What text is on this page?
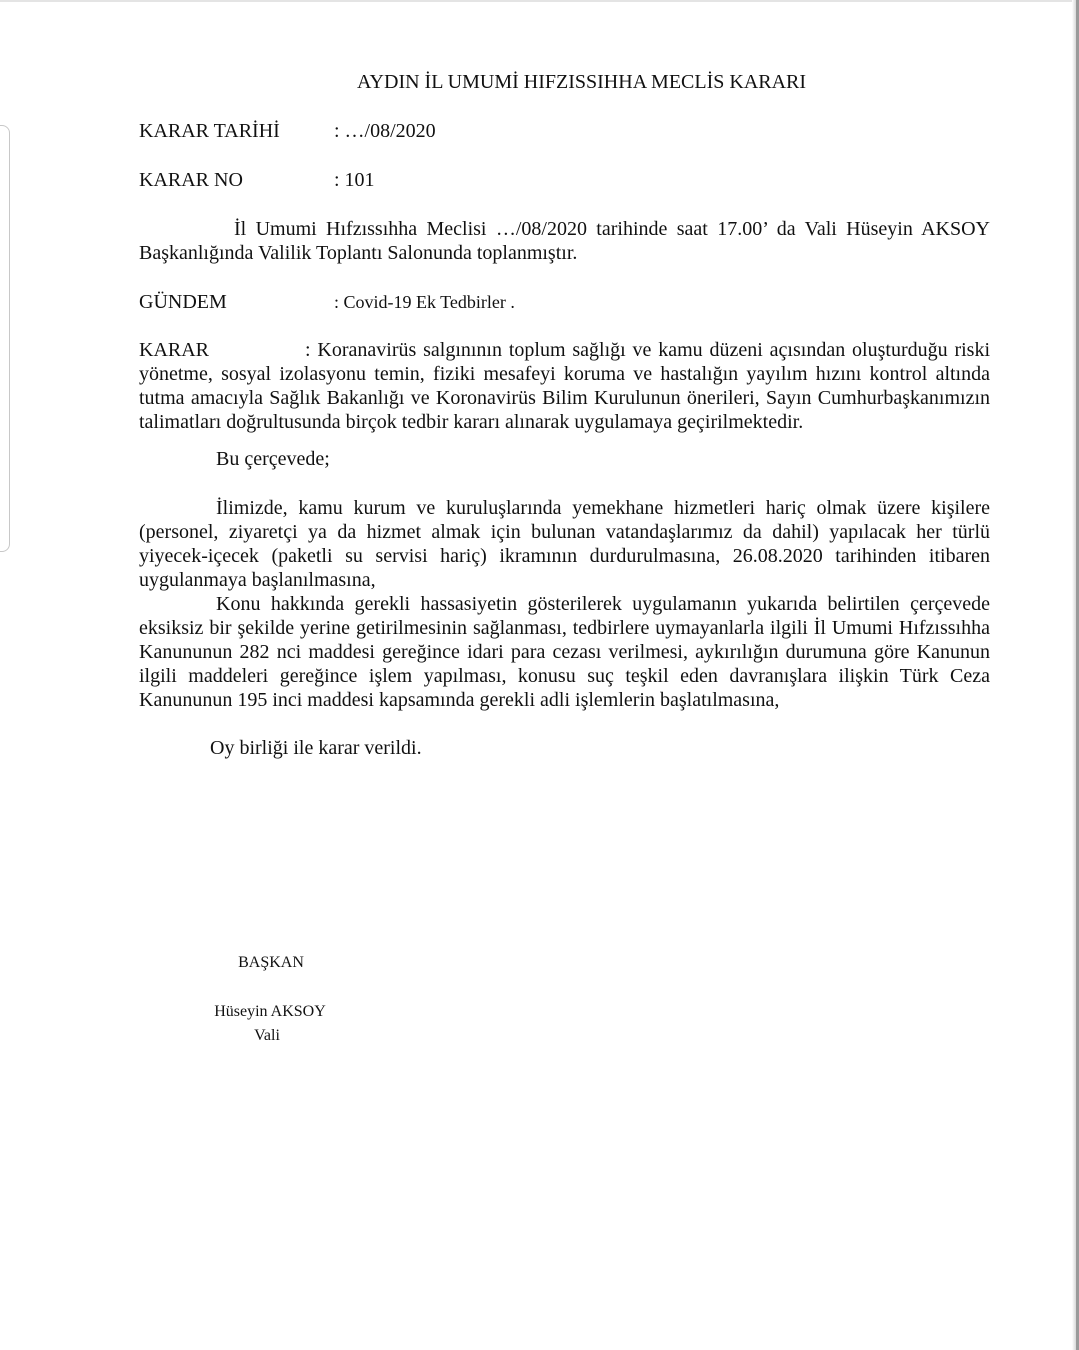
AYDIN İL UMUMİ HIFZISSIHHA MECLİS KARARI
KARAR TARİHİ	: …/08/2020
KARAR NO	: 101

İl Umumi Hıfzıssıhha Meclisi …/08/2020 tarihinde saat 17.00’ da Vali Hüseyin AKSOY Başkanlığında Valilik Toplantı Salonunda toplanmıştır.

GÜNDEM	: Covid-19 Ek Tedbirler .

KARAR	: Koranavirüs salgınının toplum sağlığı ve kamu düzeni açısından oluşturduğu riski yönetme, sosyal izolasyonu temin, fiziki mesafeyi koruma ve hastalığın yayılım hızını kontrol altında tutma amacıyla Sağlık Bakanlığı ve Koronavirüs Bilim Kurulunun önerileri, Sayın Cumhurbaşkanımızın talimatları doğrultusunda birçok tedbir kararı alınarak uygulamaya geçirilmektedir.

Bu çerçevede;

İlimizde, kamu kurum ve kuruluşlarında yemekhane hizmetleri hariç olmak üzere kişilere (personel, ziyaretçi ya da hizmet almak için bulunan vatandaşlarımız da dahil) yapılacak her türlü yiyecek-içecek (paketli su servisi hariç) ikramının durdurulmasına, 26.08.2020 tarihinden itibaren uygulanmaya başlanılmasına,

Konu hakkında gerekli hassasiyetin gösterilerek uygulamanın yukarıda belirtilen çerçevede eksiksiz bir şekilde yerine getirilmesinin sağlanması, tedbirlere uymayanlarla ilgili İl Umumi Hıfzıssıhha Kanununun 282 nci maddesi gereğince idari para cezası verilmesi, aykırılığın durumuna göre Kanunun ilgili maddeleri gereğince işlem yapılması, konusu suç teşkil eden davranışlara ilişkin Türk Ceza Kanununun 195 inci maddesi kapsamında gerekli adli işlemlerin başlatılmasına,

Oy birliği ile karar verildi.

BAŞKAN
Hüseyin AKSOY
Vali
